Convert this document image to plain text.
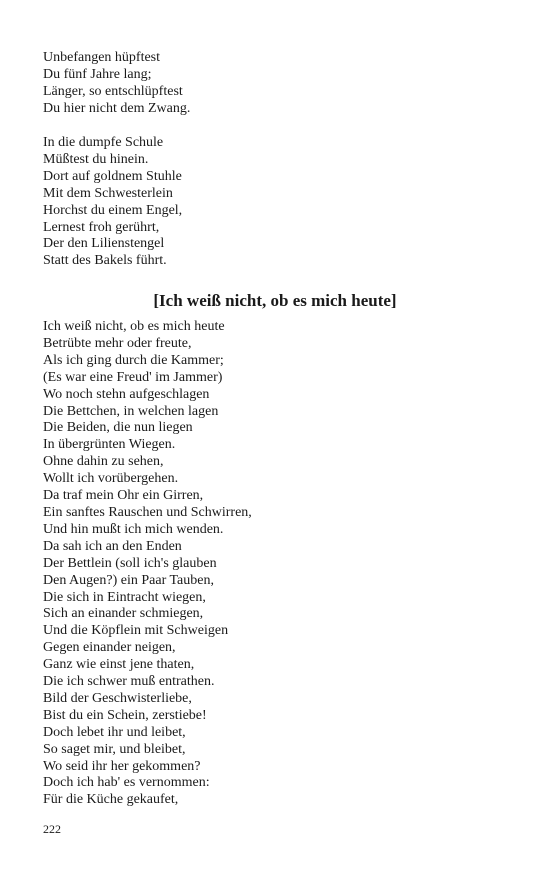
Unbefangen hüpftest
Du fünf Jahre lang;
Länger, so entschlüpftest
Du hier nicht dem Zwang.
In die dumpfe Schule
Müßtest du hinein.
Dort auf goldnem Stuhle
Mit dem Schwesterlein
Horchst du einem Engel,
Lernest froh gerührt,
Der den Lilienstengel
Statt des Bakels führt.
[Ich weiß nicht, ob es mich heute]
Ich weiß nicht, ob es mich heute
Betrübte mehr oder freute,
Als ich ging durch die Kammer;
(Es war eine Freud' im Jammer)
Wo noch stehn aufgeschlagen
Die Bettchen, in welchen lagen
Die Beiden, die nun liegen
In übergrünten Wiegen.
Ohne dahin zu sehen,
Wollt ich vorübergehen.
Da traf mein Ohr ein Girren,
Ein sanftes Rauschen und Schwirren,
Und hin mußt ich mich wenden.
Da sah ich an den Enden
Der Bettlein (soll ich's glauben
Den Augen?) ein Paar Tauben,
Die sich in Eintracht wiegen,
Sich an einander schmiegen,
Und die Köpflein mit Schweigen
Gegen einander neigen,
Ganz wie einst jene thaten,
Die ich schwer muß entrathen.
Bild der Geschwisterliebe,
Bist du ein Schein, zerstiebe!
Doch lebet ihr und leibet,
So saget mir, und bleibet,
Wo seid ihr her gekommen?
Doch ich hab' es vernommen:
Für die Küche gekaufet,
222
